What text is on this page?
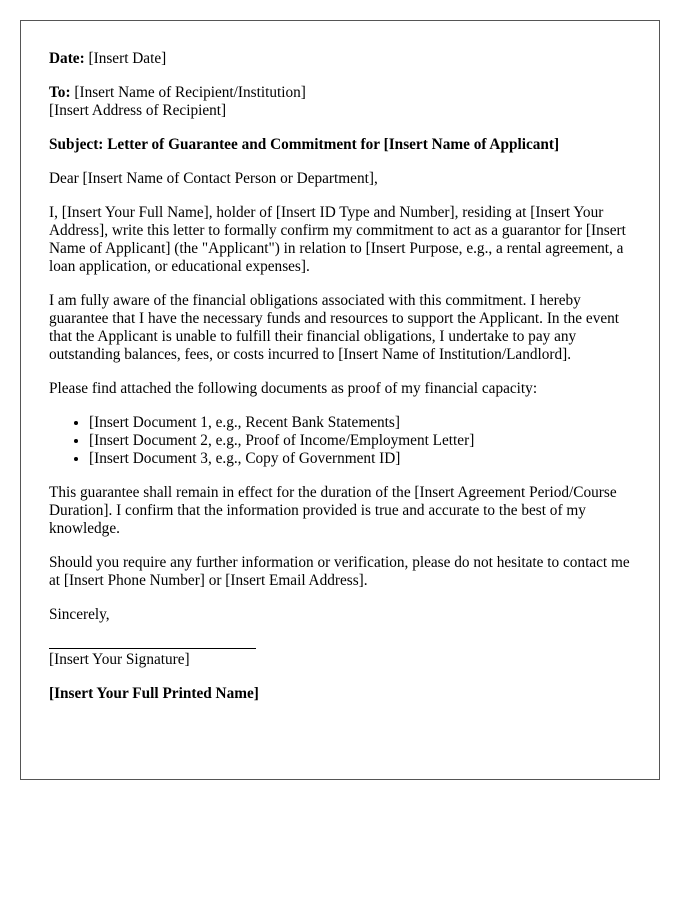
Date: [Insert Date]

To: [Insert Name of Recipient/Institution]
[Insert Address of Recipient]

Subject: Letter of Guarantee and Commitment for [Insert Name of Applicant]

Dear [Insert Name of Contact Person or Department],

I, [Insert Your Full Name], holder of [Insert ID Type and Number], residing at [Insert Your Address], write this letter to formally confirm my commitment to act as a guarantor for [Insert Name of Applicant] (the "Applicant") in relation to [Insert Purpose, e.g., a rental agreement, a loan application, or educational expenses].

I am fully aware of the financial obligations associated with this commitment. I hereby guarantee that I have the necessary funds and resources to support the Applicant. In the event that the Applicant is unable to fulfill their financial obligations, I undertake to pay any outstanding balances, fees, or costs incurred to [Insert Name of Institution/Landlord].

Please find attached the following documents as proof of my financial capacity:

• [Insert Document 1, e.g., Recent Bank Statements]
• [Insert Document 2, e.g., Proof of Income/Employment Letter]
• [Insert Document 3, e.g., Copy of Government ID]

This guarantee shall remain in effect for the duration of the [Insert Agreement Period/Course Duration]. I confirm that the information provided is true and accurate to the best of my knowledge.

Should you require any further information or verification, please do not hesitate to contact me at [Insert Phone Number] or [Insert Email Address].

Sincerely,

[Insert Your Signature]

[Insert Your Full Printed Name]
